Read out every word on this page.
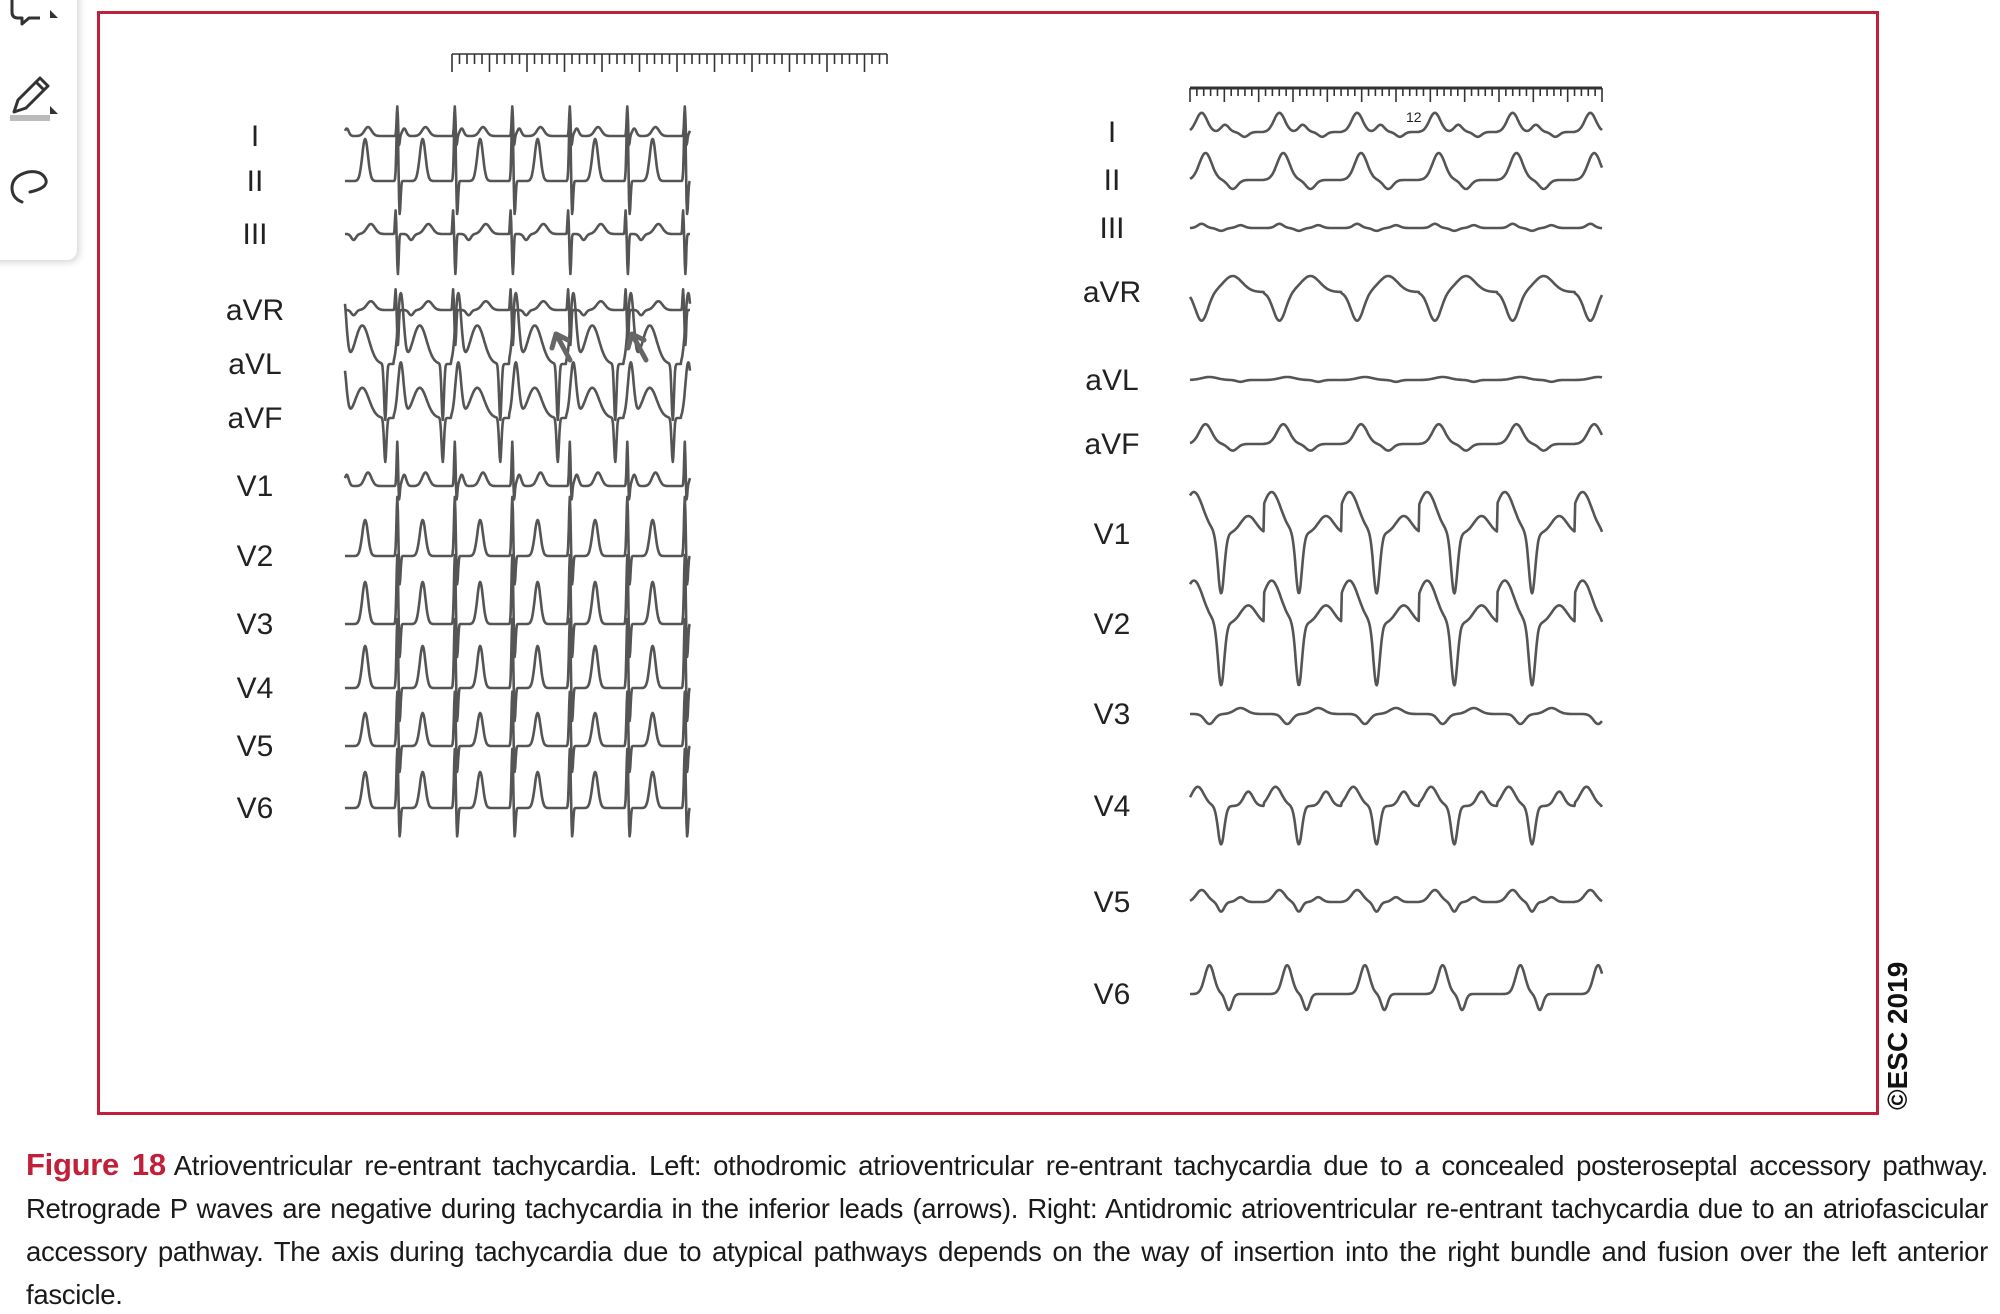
12
I
II
III
aVR
aVL
aVF
V1
V2
V3
V4
V5
V6
I
II
III
aVR
aVL
aVF
V1
V2
V3
V4
V5
V6	©ESC 2019
Figure 18 Atrioventricular re-entrant tachycardia. Left: othodromic atrioventricular re-entrant tachycardia due to a concealed posteroseptal accessory pathway. Retrograde P waves are negative during tachycardia in the inferior leads (arrows). Right: Antidromic atrioventricular re-entrant tachycardia due to an atriofascicular accessory pathway. The axis during tachycardia due to atypical pathways depends on the way of insertion into the right bundle and fusion over the left anterior fascicle.
